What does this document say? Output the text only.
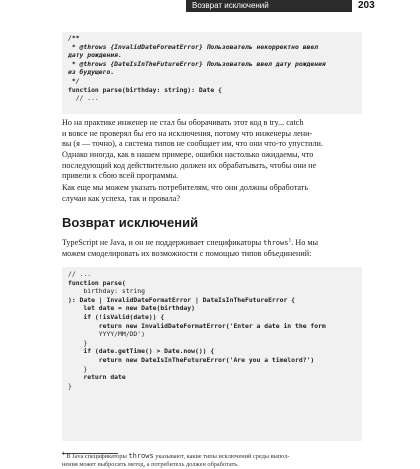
Возврат исключений	203
/**
* @throws {InvalidDateFormatError} Пользователь некорректно ввел
дату рождения.
* @throws {DateIsInTheFutureError} Пользователь ввел дату рождения
из будущего.
*/
function parse(birthday: string): Date {
// ...
Но на практике инженер не стал бы оборачивать этот код в try... catch
и вовсе не проверял бы его на исключения, потому что инженеры лени-
вы (я — точно), а система типов не сообщает им, что они что-то упустили.
Однако иногда, как в нашем примере, ошибки настолько ожидаемы, что
последующий код действительно должен их обрабатывать, чтобы они не
привели к сбою всей программы.
Как еще мы можем указать потребителям, что они должны обработать
случаи как успеха, так и провала?
Возврат исключений
TypeScript не Java, и он не поддерживает спецификаторы throws$^1$. Но мы
можем смоделировать их возможности с помощью типов объединений:
// ...
function parse(
birthday: string
): Date | InvalidDateFormatError | DateIsInTheFutureError {
let date = new Date(birthday)
if (!isValid(date)) {
return new InvalidDateFormatError('Enter a date in the form
YYYY/MM/DD')
}
if (date.getTime() > Date.now()) {
return new DateIsInTheFutureError('Are you a timelord?')
}
return date
}
$^1$ В Java спецификаторы throws указывают, какие типы исключений среды выпол-
нения может выбросить метод, а потребитель должен обработать.
